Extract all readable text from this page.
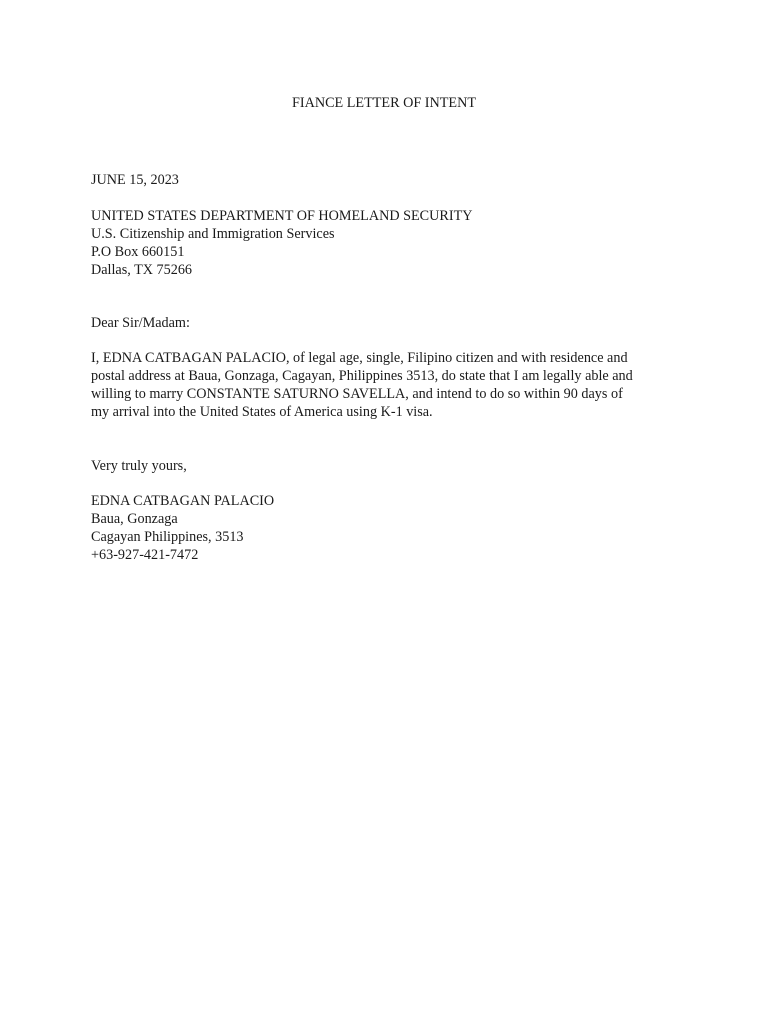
FIANCE LETTER OF INTENT
JUNE 15, 2023
UNITED STATES DEPARTMENT OF HOMELAND SECURITY
U.S. Citizenship and Immigration Services
P.O Box 660151
Dallas, TX 75266
Dear Sir/Madam:
I, EDNA CATBAGAN PALACIO, of legal age, single, Filipino citizen and with residence and
postal address at Baua, Gonzaga, Cagayan, Philippines 3513, do state that I am legally able and
willing to marry CONSTANTE SATURNO SAVELLA, and intend to do so within 90 days of
my arrival into the United States of America using K-1 visa.
Very truly yours,
EDNA CATBAGAN PALACIO
Baua, Gonzaga
Cagayan Philippines, 3513
+63-927-421-7472
